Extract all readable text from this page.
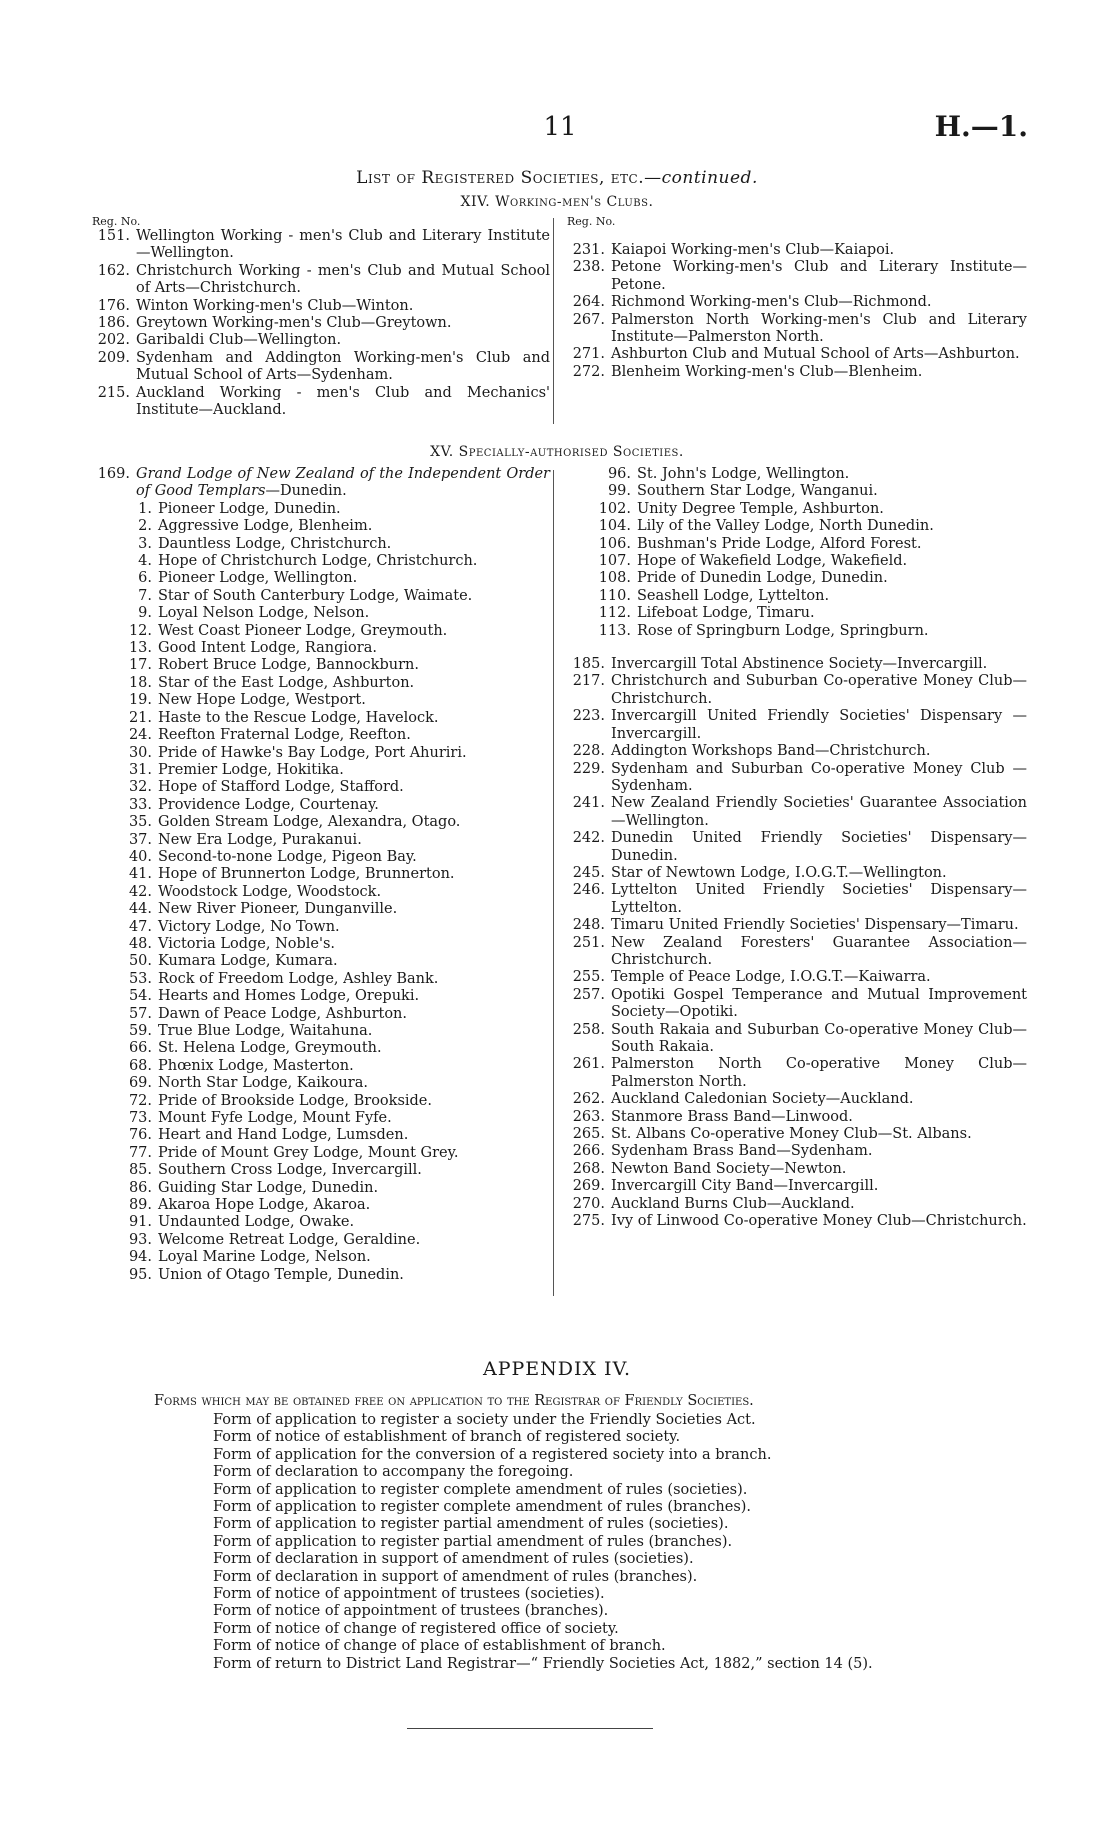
11	H.—1.
List of Registered Societies, etc.—continued.
XIV. Working-men's Clubs.
Reg. No.
151. Wellington Working - men's Club and Literary Institute—Wellington.
162. Christchurch Working - men's Club and Mutual School of Arts—Christchurch.
176. Winton Working-men's Club—Winton.
186. Greytown Working-men's Club—Greytown.
202. Garibaldi Club—Wellington.
209. Sydenham and Addington Working-men's Club and Mutual School of Arts—Sydenham.
215. Auckland Working - men's Club and Mechanics' Institute—Auckland.
Reg. No.
231. Kaiapoi Working-men's Club—Kaiapoi.
238. Petone Working-men's Club and Literary Institute—Petone.
264. Richmond Working-men's Club—Richmond.
267. Palmerston North Working-men's Club and Literary Institute—Palmerston North.
271. Ashburton Club and Mutual School of Arts—Ashburton.
272. Blenheim Working-men's Club—Blenheim.
XV. Specially-authorised Societies.
169. Grand Lodge of New Zealand of the Independent Order of Good Templars—Dunedin.
1. Pioneer Lodge, Dunedin.
2. Aggressive Lodge, Blenheim.
3. Dauntless Lodge, Christchurch.
4. Hope of Christchurch Lodge, Christchurch.
6. Pioneer Lodge, Wellington.
7. Star of South Canterbury Lodge, Waimate.
9. Loyal Nelson Lodge, Nelson.
12. West Coast Pioneer Lodge, Greymouth.
13. Good Intent Lodge, Rangiora.
17. Robert Bruce Lodge, Bannockburn.
18. Star of the East Lodge, Ashburton.
19. New Hope Lodge, Westport.
21. Haste to the Rescue Lodge, Havelock.
24. Reefton Fraternal Lodge, Reefton.
30. Pride of Hawke's Bay Lodge, Port Ahuriri.
31. Premier Lodge, Hokitika.
32. Hope of Stafford Lodge, Stafford.
33. Providence Lodge, Courtenay.
35. Golden Stream Lodge, Alexandra, Otago.
37. New Era Lodge, Purakanui.
40. Second-to-none Lodge, Pigeon Bay.
41. Hope of Brunnerton Lodge, Brunnerton.
42. Woodstock Lodge, Woodstock.
44. New River Pioneer, Dunganville.
47. Victory Lodge, No Town.
48. Victoria Lodge, Noble's.
50. Kumara Lodge, Kumara.
53. Rock of Freedom Lodge, Ashley Bank.
54. Hearts and Homes Lodge, Orepuki.
57. Dawn of Peace Lodge, Ashburton.
59. True Blue Lodge, Waitahuna.
66. St. Helena Lodge, Greymouth.
68. Phœnix Lodge, Masterton.
69. North Star Lodge, Kaikoura.
72. Pride of Brookside Lodge, Brookside.
73. Mount Fyfe Lodge, Mount Fyfe.
76. Heart and Hand Lodge, Lumsden.
77. Pride of Mount Grey Lodge, Mount Grey.
85. Southern Cross Lodge, Invercargill.
86. Guiding Star Lodge, Dunedin.
89. Akaroa Hope Lodge, Akaroa.
91. Undaunted Lodge, Owake.
93. Welcome Retreat Lodge, Geraldine.
94. Loyal Marine Lodge, Nelson.
95. Union of Otago Temple, Dunedin.
96. St. John's Lodge, Wellington.
99. Southern Star Lodge, Wanganui.
102. Unity Degree Temple, Ashburton.
104. Lily of the Valley Lodge, North Dunedin.
106. Bushman's Pride Lodge, Alford Forest.
107. Hope of Wakefield Lodge, Wakefield.
108. Pride of Dunedin Lodge, Dunedin.
110. Seashell Lodge, Lyttelton.
112. Lifeboat Lodge, Timaru.
113. Rose of Springburn Lodge, Springburn.
185. Invercargill Total Abstinence Society—Invercargill.
217. Christchurch and Suburban Co-operative Money Club—Christchurch.
223. Invercargill United Friendly Societies' Dispensary —Invercargill.
228. Addington Workshops Band—Christchurch.
229. Sydenham and Suburban Co-operative Money Club —Sydenham.
241. New Zealand Friendly Societies' Guarantee Association—Wellington.
242. Dunedin United Friendly Societies' Dispensary—Dunedin.
245. Star of Newtown Lodge, I.O.G.T.—Wellington.
246. Lyttelton United Friendly Societies' Dispensary—Lyttelton.
248. Timaru United Friendly Societies' Dispensary—Timaru.
251. New Zealand Foresters' Guarantee Association—Christchurch.
255. Temple of Peace Lodge, I.O.G.T.—Kaiwarra.
257. Opotiki Gospel Temperance and Mutual Improvement Society—Opotiki.
258. South Rakaia and Suburban Co-operative Money Club—South Rakaia.
261. Palmerston North Co-operative Money Club—Palmerston North.
262. Auckland Caledonian Society—Auckland.
263. Stanmore Brass Band—Linwood.
265. St. Albans Co-operative Money Club—St. Albans.
266. Sydenham Brass Band—Sydenham.
268. Newton Band Society—Newton.
269. Invercargill City Band—Invercargill.
270. Auckland Burns Club—Auckland.
275. Ivy of Linwood Co-operative Money Club—Christchurch.
APPENDIX IV.
Forms which may be obtained free on application to the Registrar of Friendly Societies.
Form of application to register a society under the Friendly Societies Act.
Form of notice of establishment of branch of registered society.
Form of application for the conversion of a registered society into a branch.
Form of declaration to accompany the foregoing.
Form of application to register complete amendment of rules (societies).
Form of application to register complete amendment of rules (branches).
Form of application to register partial amendment of rules (societies).
Form of application to register partial amendment of rules (branches).
Form of declaration in support of amendment of rules (societies).
Form of declaration in support of amendment of rules (branches).
Form of notice of appointment of trustees (societies).
Form of notice of appointment of trustees (branches).
Form of notice of change of registered office of society.
Form of notice of change of place of establishment of branch.
Form of return to District Land Registrar—“ Friendly Societies Act, 1882,” section 14 (5).
